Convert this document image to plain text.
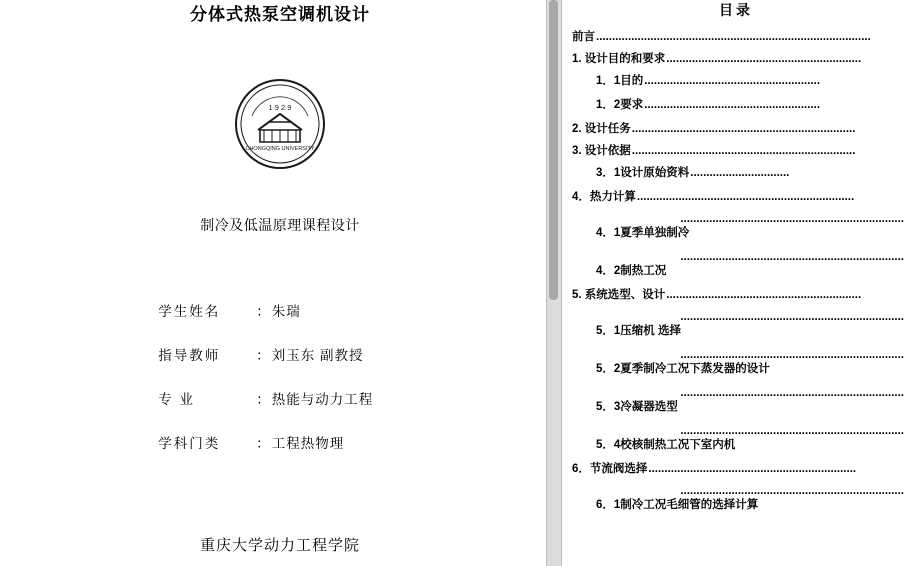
分体式热泵空调机设计
1 9 2 9
CHONGQING UNIVERSITY
制冷及低温原理课程设计
学生姓名	： 朱瑞
指导教师	： 刘玉东 副教授
专 业	： 热能与动力工程
学科门类	： 工程热物理
重庆大学动力工程学院
目录
前言 ......................................................................................
1. 设计目的和要求 .............................................................
1．1目的 .......................................................
1．2要求 .......................................................
2. 设计任务 ......................................................................
3. 设计依据 ......................................................................
3．1设计原始资料 ...............................
4．热力计算 ....................................................................
......................................................................
4．1夏季单独制冷
......................................................................
4．2制热工况
5. 系统选型、设计 .............................................................
......................................................................
5．1压缩机 选择
......................................................................
5．2夏季制冷工况下蒸发器的设计
......................................................................
5．3冷凝器选型
......................................................................
5．4校核制热工况下室内机
6．节流阀选择 .................................................................
......................................................................
6．1制冷工况毛细管的选择计算
